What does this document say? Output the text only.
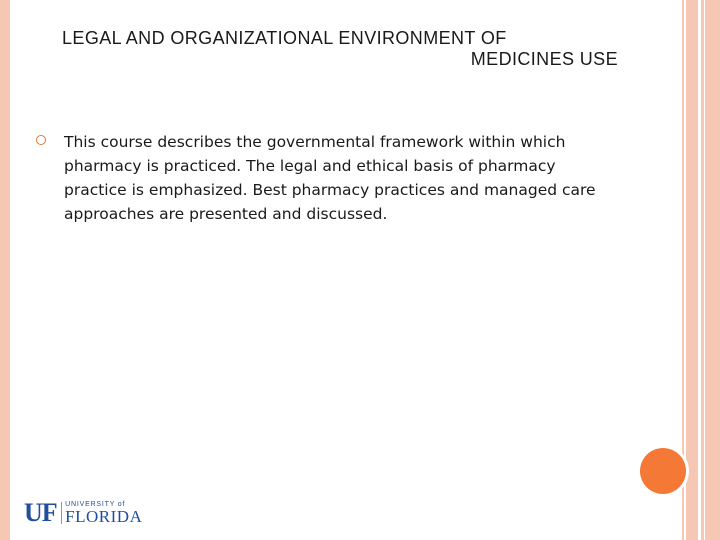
LEGAL AND ORGANIZATIONAL ENVIRONMENT OF
MEDICINES USE

This course describes the governmental framework within which pharmacy is practiced. The legal and ethical basis of pharmacy practice is emphasized. Best pharmacy practices and managed care approaches are presented and discussed.

UF UNIVERSITY of
FLORIDA
